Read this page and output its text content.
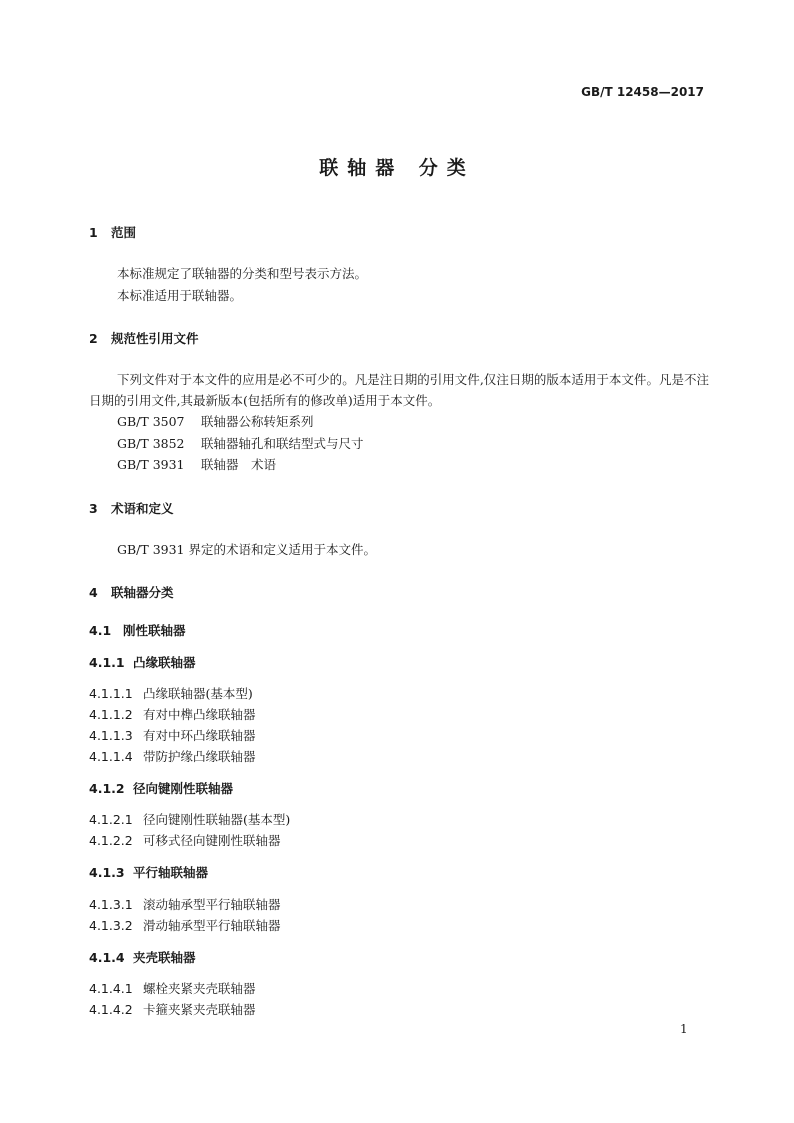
GB/T 12458—2017
联轴器 分类
1 范围
本标准规定了联轴器的分类和型号表示方法。
本标准适用于联轴器。
2 规范性引用文件
下列文件对于本文件的应用是必不可少的。凡是注日期的引用文件,仅注日期的版本适用于本文件。凡是不注日期的引用文件,其最新版本(包括所有的修改单)适用于本文件。
GB/T 3507 联轴器公称转矩系列
GB/T 3852 联轴器轴孔和联结型式与尺寸
GB/T 3931 联轴器　术语
3 术语和定义
GB/T 3931 界定的术语和定义适用于本文件。
4 联轴器分类
4.1 刚性联轴器
4.1.1 凸缘联轴器
4.1.1.1 凸缘联轴器(基本型)
4.1.1.2 有对中榫凸缘联轴器
4.1.1.3 有对中环凸缘联轴器
4.1.1.4 带防护缘凸缘联轴器
4.1.2 径向键刚性联轴器
4.1.2.1 径向键刚性联轴器(基本型)
4.1.2.2 可移式径向键刚性联轴器
4.1.3 平行轴联轴器
4.1.3.1 滚动轴承型平行轴联轴器
4.1.3.2 滑动轴承型平行轴联轴器
4.1.4 夹壳联轴器
4.1.4.1 螺栓夹紧夹壳联轴器
4.1.4.2 卡箍夹紧夹壳联轴器
1
